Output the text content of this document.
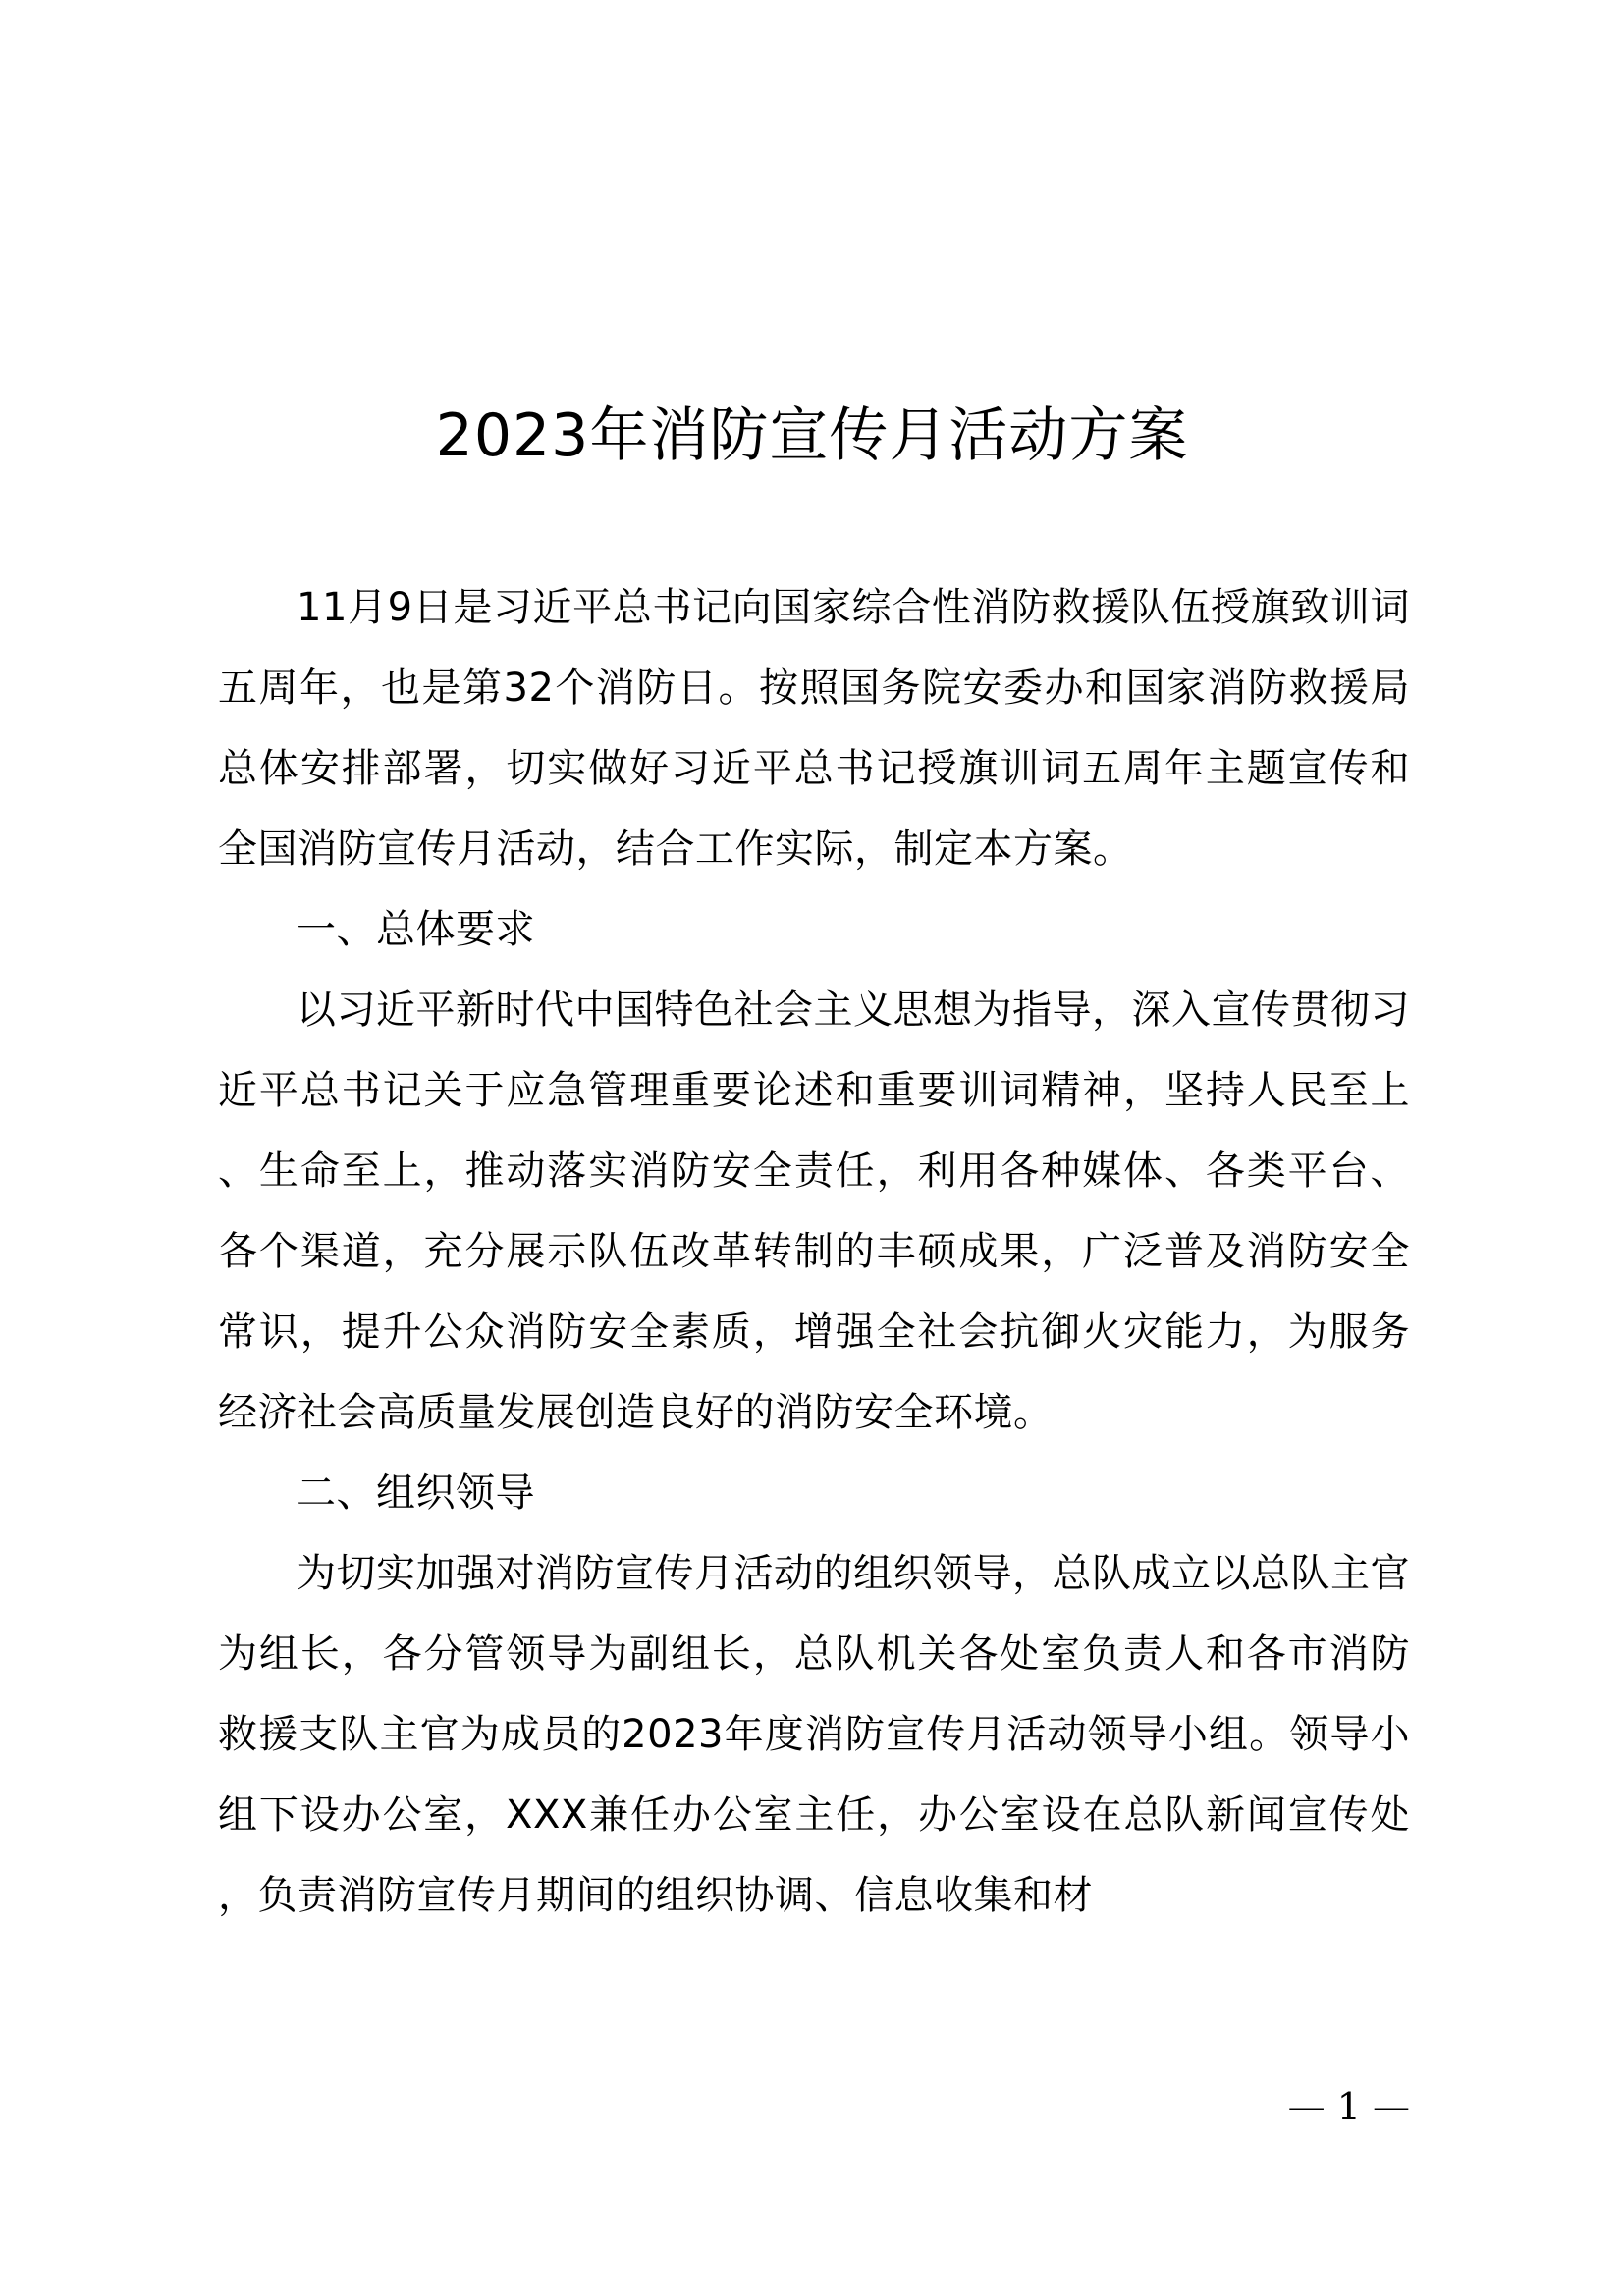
2023年消防宣传月活动方案

11月9日是习近平总书记向国家综合性消防救援队伍授旗致训词五周年，也是第32个消防日。按照国务院安委办和国家消防救援局总体安排部署，切实做好习近平总书记授旗训词五周年主题宣传和全国消防宣传月活动，结合工作实际，制定本方案。

一、总体要求

以习近平新时代中国特色社会主义思想为指导，深入宣传贯彻习近平总书记关于应急管理重要论述和重要训词精神，坚持人民至上、生命至上，推动落实消防安全责任，利用各种媒体、各类平台、各个渠道，充分展示队伍改革转制的丰硕成果，广泛普及消防安全常识，提升公众消防安全素质，增强全社会抗御火灾能力，为服务经济社会高质量发展创造良好的消防安全环境。

二、组织领导

为切实加强对消防宣传月活动的组织领导，总队成立以总队主官为组长，各分管领导为副组长，总队机关各处室负责人和各市消防救援支队主官为成员的2023年度消防宣传月活动领导小组。领导小组下设办公室，XXX兼任办公室主任，办公室设在总队新闻宣传处，负责消防宣传月期间的组织协调、信息收集和材

— 1 —
